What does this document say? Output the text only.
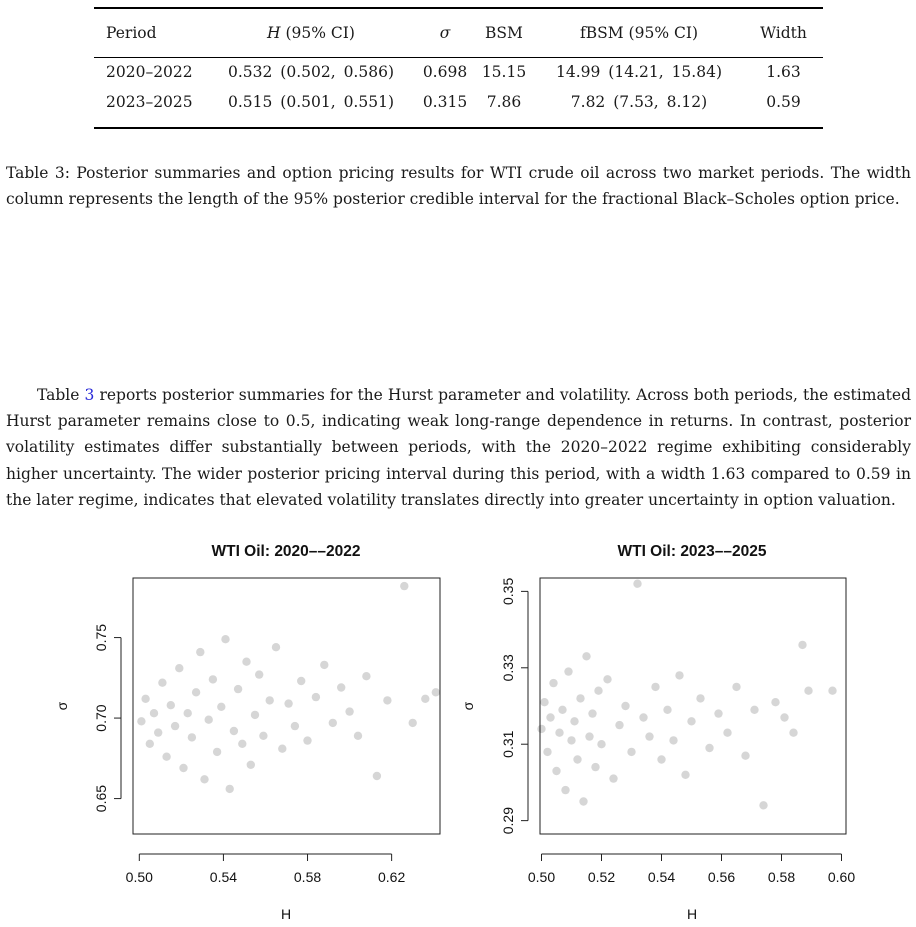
Period	H (95% CI)	σ	BSM	fBSM (95% CI)	Width

2020–2022	0.532 (0.502, 0.586)	0.698	15.15	14.99 (14.21, 15.84)	1.63
2023–2025	0.515 (0.501, 0.551)	0.315	7.86	7.82 (7.53, 8.12)	0.59
Table 3: Posterior summaries and option pricing results for WTI crude oil across two market periods. The width column represents the length of the 95% posterior credible interval for the fractional Black–Scholes option price.
Table 3 reports posterior summaries for the Hurst parameter and volatility. Across both periods, the estimated Hurst parameter remains close to 0.5, indicating weak long-range dependence in returns. In contrast, posterior volatility estimates differ substantially between periods, with the 2020–2022 regime exhibiting considerably higher uncertainty. The wider posterior pricing interval during this period, with a width 1.63 compared to 0.59 in the later regime, indicates that elevated volatility translates directly into greater uncertainty in option valuation.
WTI Oil: 2020––2022
0.50	0.54	0.58	0.62
0.65
0.70
0.75
H
σ
WTI Oil: 2023––2025
0.50 0.52 0.54 0.56 0.58 0.60
0.29
0.31
0.33
0.35
H
σ
